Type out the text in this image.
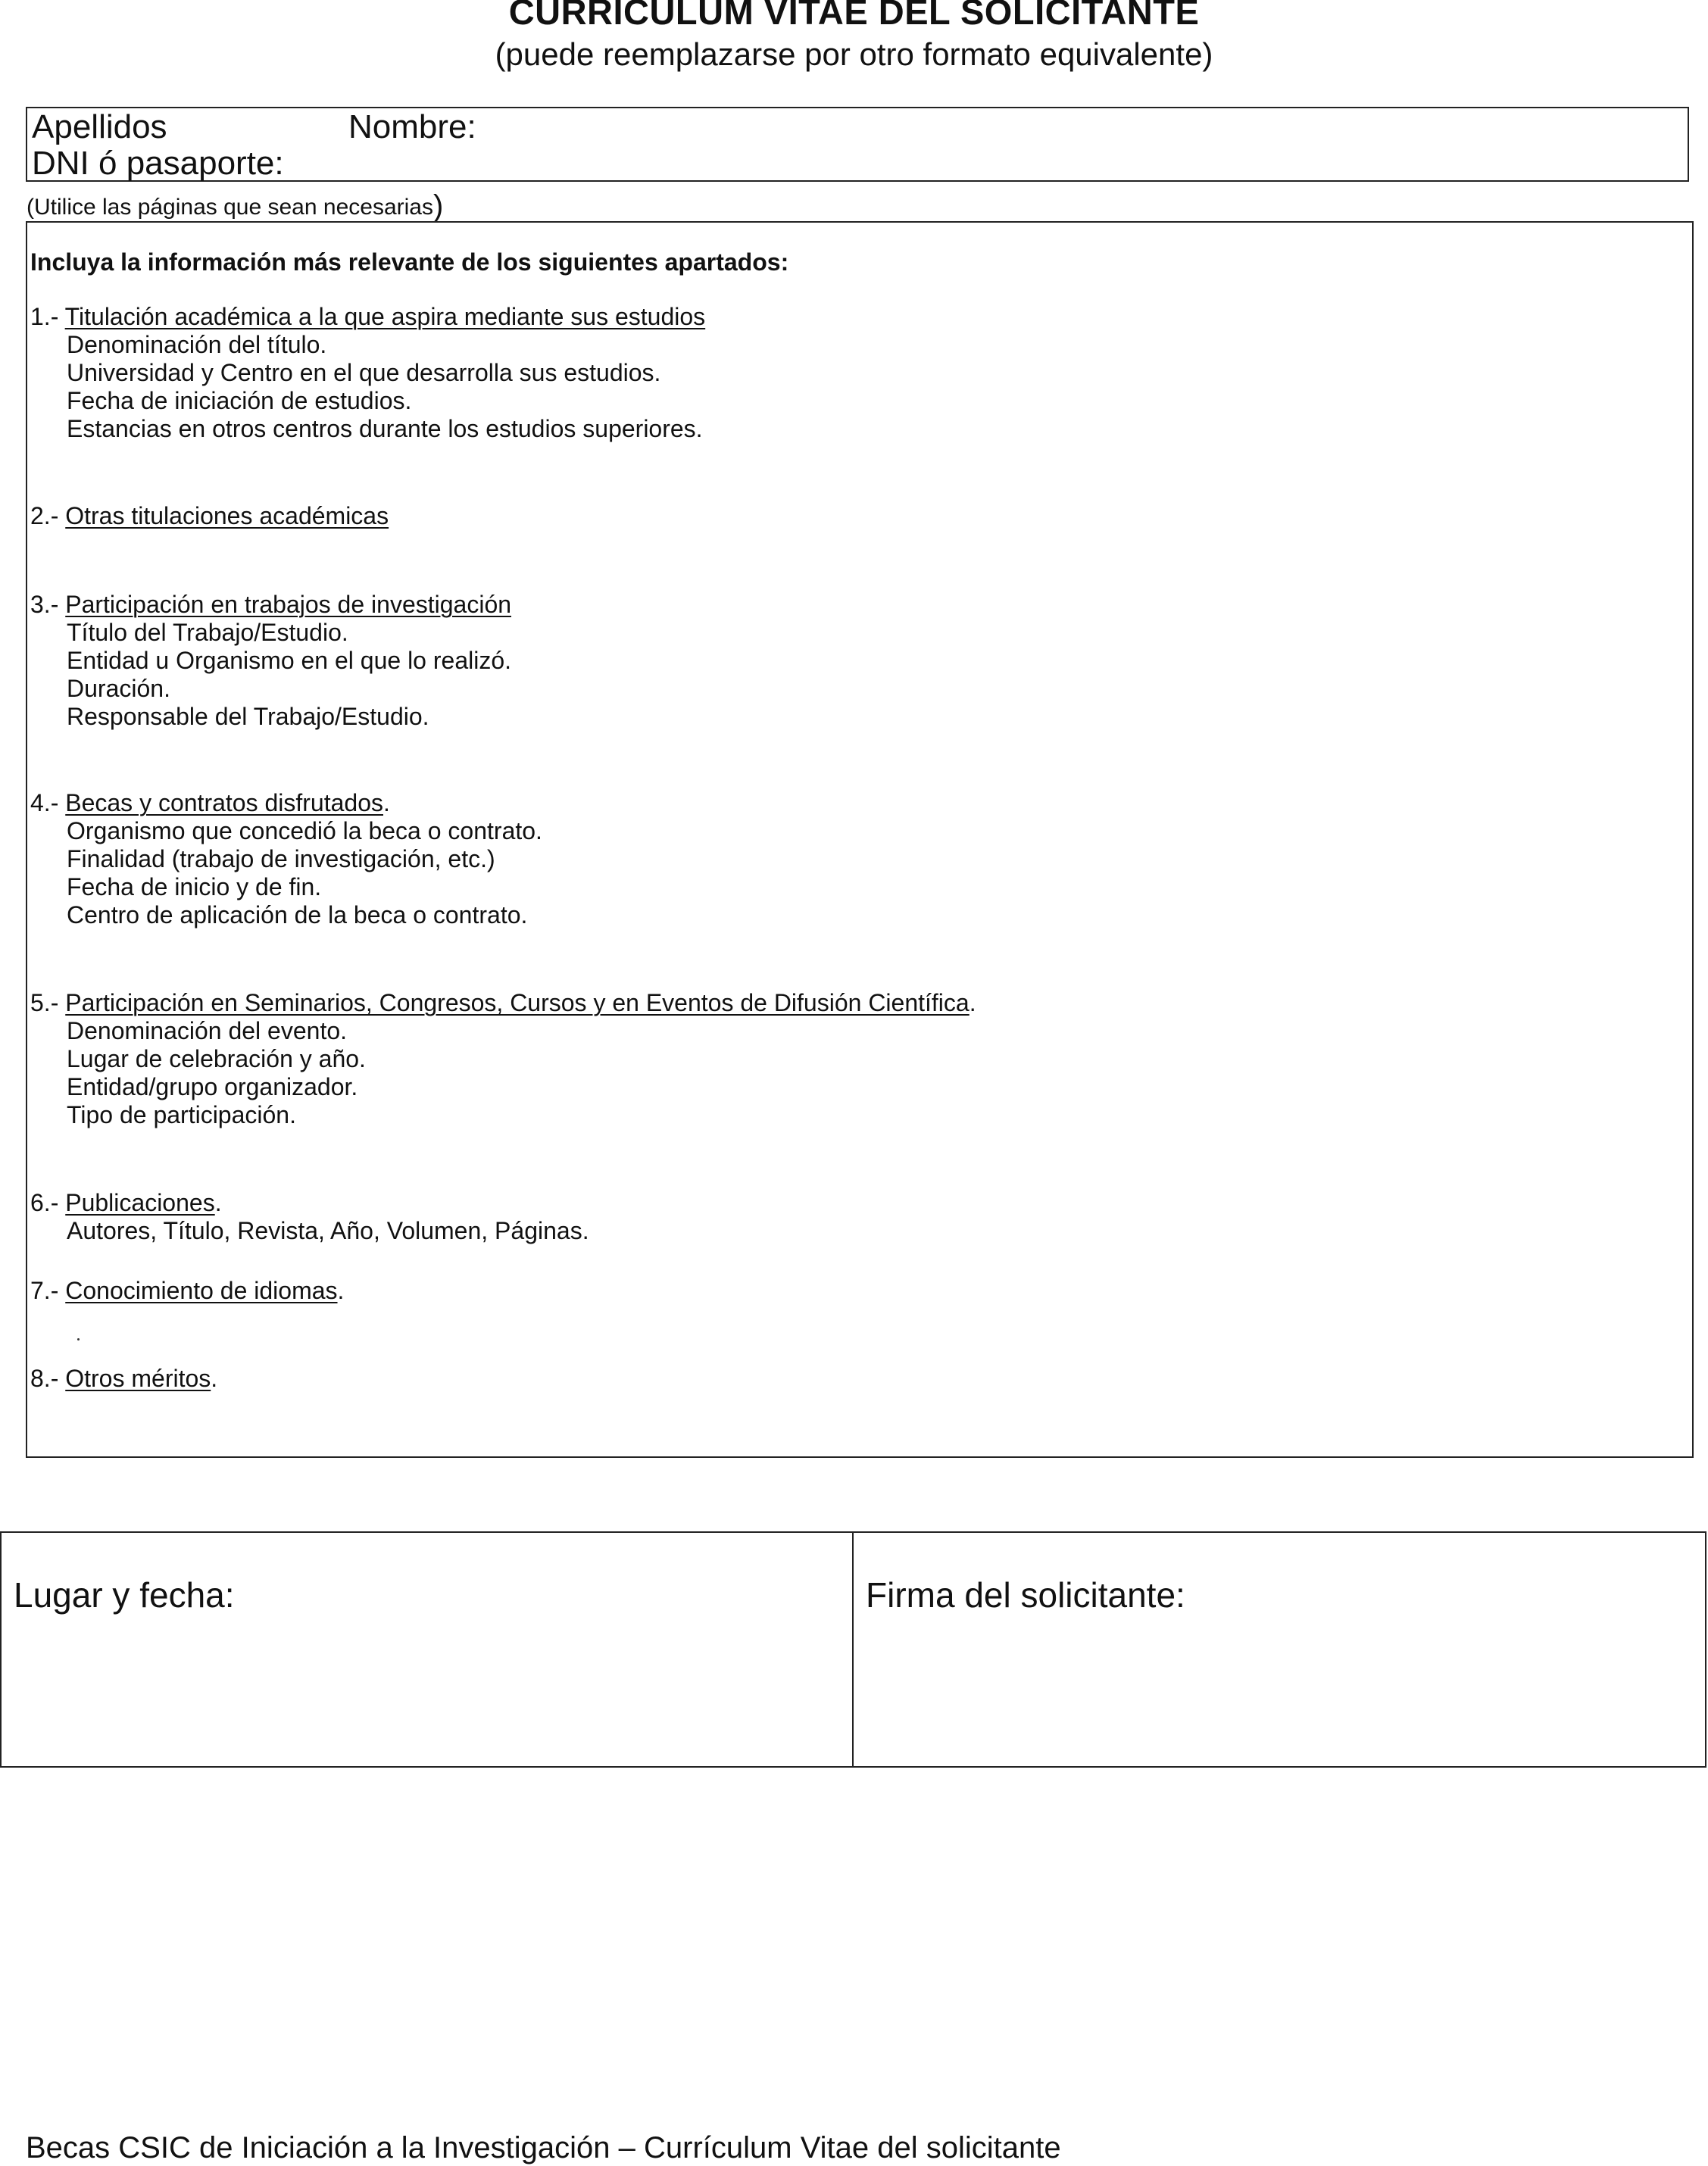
CURRICULUM VITAE DEL SOLICITANTE
(puede reemplazarse por otro formato equivalente)
Apellidos	Nombre:
DNI ó pasaporte:
(Utilice las páginas que sean necesarias)
Incluya la información más relevante de los siguientes apartados:
1.- Titulación académica a la que aspira mediante sus estudios
Denominación del título.
Universidad y Centro en el que desarrolla sus estudios.
Fecha de iniciación de estudios.
Estancias en otros centros durante los estudios superiores.
2.- Otras titulaciones académicas
3.- Participación en trabajos de investigación
Título del Trabajo/Estudio.
Entidad u Organismo en el que lo realizó.
Duración.
Responsable del Trabajo/Estudio.
4.- Becas y contratos disfrutados.
Organismo que concedió la beca o contrato.
Finalidad (trabajo de investigación, etc.)
Fecha de inicio y de fin.
Centro de aplicación de la beca o contrato.
5.- Participación en Seminarios, Congresos, Cursos y en Eventos de Difusión Científica.
Denominación del evento.
Lugar de celebración y año.
Entidad/grupo organizador.
Tipo de participación.
6.- Publicaciones.
Autores, Título, Revista, Año, Volumen, Páginas.
7.- Conocimiento de idiomas.
8.- Otros méritos.
Lugar y fecha:	Firma del solicitante:
Becas CSIC de Iniciación a la Investigación – Currículum Vitae del solicitante
